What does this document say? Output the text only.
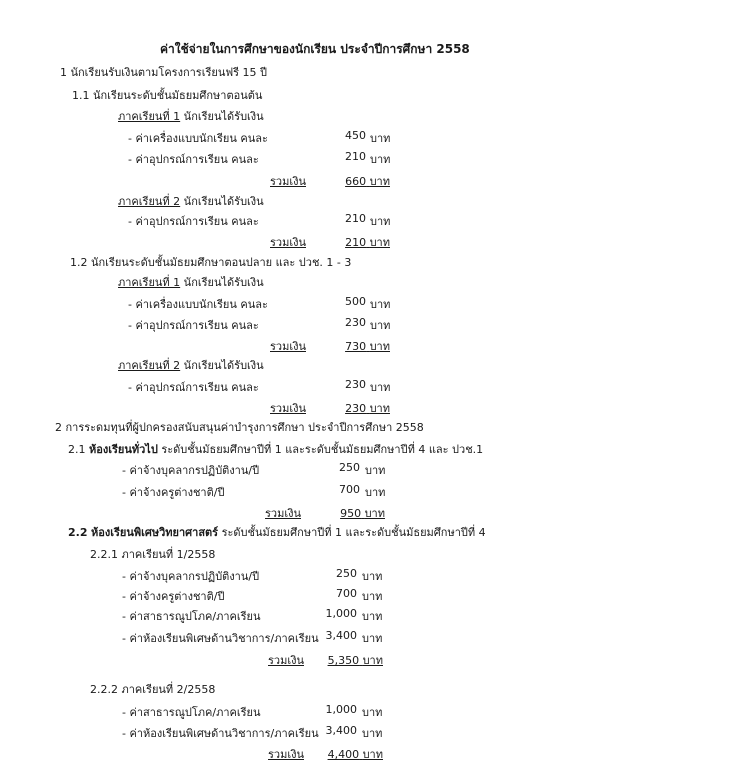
ค่าใช้จ่ายในการศึกษาของนักเรียน ประจำปีการศึกษา 2558
1 นักเรียนรับเงินตามโครงการเรียนฟรี 15 ปี
1.1 นักเรียนระดับชั้นมัธยมศึกษาตอนต้น
ภาคเรียนที่ 1 นักเรียนได้รับเงิน
- ค่าเครื่องแบบนักเรียน คนละ	450 บาท
- ค่าอุปกรณ์การเรียน คนละ	210 บาท
รวมเงิน	660 บาท
ภาคเรียนที่ 2 นักเรียนได้รับเงิน
- ค่าอุปกรณ์การเรียน คนละ	210 บาท
รวมเงิน	210 บาท
1.2 นักเรียนระดับชั้นมัธยมศึกษาตอนปลาย และ ปวช. 1 - 3
ภาคเรียนที่ 1 นักเรียนได้รับเงิน
- ค่าเครื่องแบบนักเรียน คนละ	500 บาท
- ค่าอุปกรณ์การเรียน คนละ	230 บาท
รวมเงิน	730 บาท
ภาคเรียนที่ 2 นักเรียนได้รับเงิน
- ค่าอุปกรณ์การเรียน คนละ	230 บาท
รวมเงิน	230 บาท
2 การระดมทุนที่ผู้ปกครองสนับสนุนค่าบำรุงการศึกษา ประจำปีการศึกษา 2558
2.1 ห้องเรียนทั่วไป ระดับชั้นมัธยมศึกษาปีที่ 1 และระดับชั้นมัธยมศึกษาปีที่ 4 และ ปวช.1
- ค่าจ้างบุคลากรปฏิบัติงาน/ปี	250 บาท
- ค่าจ้างครูต่างชาติ/ปี	700 บาท
รวมเงิน	950 บาท
2.2 ห้องเรียนพิเศษวิทยาศาสตร์ ระดับชั้นมัธยมศึกษาปีที่ 1 และระดับชั้นมัธยมศึกษาปีที่ 4
2.2.1 ภาคเรียนที่ 1/2558
- ค่าจ้างบุคลากรปฏิบัติงาน/ปี	250 บาท
- ค่าจ้างครูต่างชาติ/ปี	700 บาท
- ค่าสาธารณูปโภค/ภาคเรียน	1,000 บาท
- ค่าห้องเรียนพิเศษด้านวิชาการ/ภาคเรียน 3,400 บาท
รวมเงิน	5,350 บาท
2.2.2 ภาคเรียนที่ 2/2558
- ค่าสาธารณูปโภค/ภาคเรียน	1,000 บาท
- ค่าห้องเรียนพิเศษด้านวิชาการ/ภาคเรียน 3,400 บาท
รวมเงิน	4,400 บาท
